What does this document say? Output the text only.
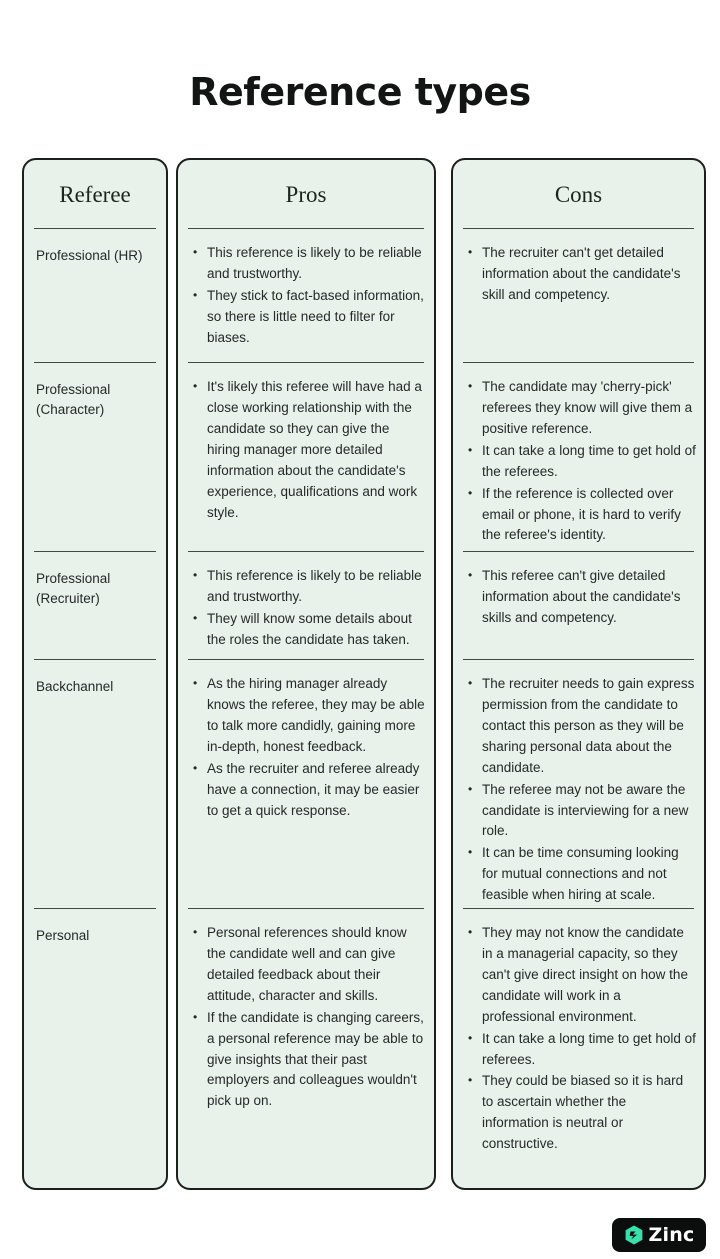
Reference types
Referee
Professional (HR)
Professional (Character)
Professional (Recruiter)
Backchannel
Personal
Pros
• This reference is likely to be reliable and trustworthy.
• They stick to fact-based information, so there is little need to filter for biases.
• It's likely this referee will have had a close working relationship with the candidate so they can give the hiring manager more detailed information about the candidate's experience, qualifications and work style.
• This reference is likely to be reliable and trustworthy.
• They will know some details about the roles the candidate has taken.
• As the hiring manager already knows the referee, they may be able to talk more candidly, gaining more in-depth, honest feedback.
• As the recruiter and referee already have a connection, it may be easier to get a quick response.
• Personal references should know the candidate well and can give detailed feedback about their attitude, character and skills.
• If the candidate is changing careers, a personal reference may be able to give insights that their past employers and colleagues wouldn't pick up on.
Cons
• The recruiter can't get detailed information about the candidate's skill and competency.
• The candidate may 'cherry-pick' referees they know will give them a positive reference.
• It can take a long time to get hold of the referees.
• If the reference is collected over email or phone, it is hard to verify the referee's identity.
• This referee can't give detailed information about the candidate's skills and competency.
• The recruiter needs to gain express permission from the candidate to contact this person as they will be sharing personal data about the candidate.
• The referee may not be aware the candidate is interviewing for a new role.
• It can be time consuming looking for mutual connections and not feasible when hiring at scale.
• They may not know the candidate in a managerial capacity, so they can't give direct insight on how the candidate will work in a professional environment.
• It can take a long time to get hold of referees.
• They could be biased so it is hard to ascertain whether the information is neutral or constructive.
Zinc
